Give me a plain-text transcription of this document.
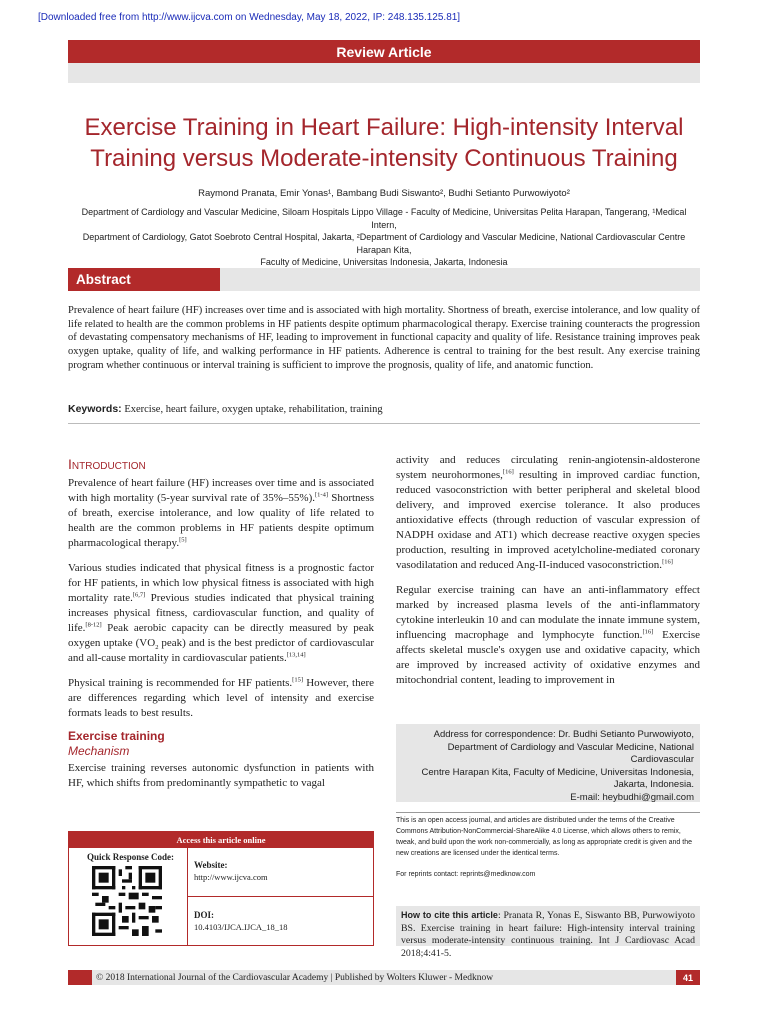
[Downloaded free from http://www.ijcva.com on Wednesday, May 18, 2022, IP: 248.135.125.81]
Review Article
Exercise Training in Heart Failure: High-intensity Interval
Training versus Moderate-intensity Continuous Training
Raymond Pranata, Emir Yonas¹, Bambang Budi Siswanto², Budhi Setianto Purwowiyoto²
Department of Cardiology and Vascular Medicine, Siloam Hospitals Lippo Village - Faculty of Medicine, Universitas Pelita Harapan, Tangerang, ¹Medical Intern,
Department of Cardiology, Gatot Soebroto Central Hospital, Jakarta, ²Department of Cardiology and Vascular Medicine, National Cardiovascular Centre Harapan Kita,
Faculty of Medicine, Universitas Indonesia, Jakarta, Indonesia
Abstract
Prevalence of heart failure (HF) increases over time and is associated with high mortality. Shortness of breath, exercise intolerance, and low quality of life related to health are the common problems in HF patients despite optimum pharmacological therapy. Exercise training counteracts the progression of devastating compensatory mechanisms of HF, leading to improvement in functional capacity and quality of life. Resistance training improves peak oxygen uptake, quality of life, and walking performance in HF patients. Adherence is central to training for the best result. Any exercise training program whether continuous or interval training is sufficient to improve the prognosis, quality of life, and anatomic function.
Keywords: Exercise, heart failure, oxygen uptake, rehabilitation, training
Introduction

Prevalence of heart failure (HF) increases over time and is associated with high mortality (5-year survival rate of 35%–55%).[1-4] Shortness of breath, exercise intolerance, and low quality of life related to health are the common problems in HF patients despite optimum pharmacological therapy.[5]

Various studies indicated that physical fitness is a prognostic factor for HF patients, in which low physical fitness is associated with high mortality rate.[6,7] Previous studies indicated that physical training increases physical fitness, cardiovascular function, and quality of life.[8-12] Peak aerobic capacity can be directly measured by peak oxygen uptake ($VO_2$ peak) and is the best predictor of cardiovascular and all-cause mortality in cardiovascular patients.[13,14]

Physical training is recommended for HF patients.[15] However, there are differences regarding which level of intensity and exercise formats leads to best results.

Exercise training
Mechanism

Exercise training reverses autonomic dysfunction in patients with HF, which shifts from predominantly sympathetic to vagal

activity and reduces circulating renin-angiotensin-aldosterone system neurohormones,[16] resulting in improved cardiac function, reduced vasoconstriction with better peripheral and skeletal blood delivery, and improved exercise tolerance. It also produces antioxidative effects (through reduction of vascular expression of NADPH oxidase and AT1) which decrease reactive oxygen species production, resulting in improved acetylcholine-mediated coronary vasodilatation and reduced Ang-II-induced vasoconstriction.[16]

Regular exercise training can have an anti-inflammatory effect marked by increased plasma levels of the anti-inflammatory cytokine interleukin 10 and can modulate the innate immune system, influencing macrophage and lymphocyte function.[16] Exercise affects skeletal muscle's oxygen use and oxidative capacity, which are improved by increased activity of oxidative enzymes and mitochondrial content, leading to improvement in

Address for correspondence: Dr. Budhi Setianto Purwowiyoto,
Department of Cardiology and Vascular Medicine, National Cardiovascular
Centre Harapan Kita, Faculty of Medicine, Universitas Indonesia,
Jakarta, Indonesia.
E-mail: heybudhi@gmail.com
This is an open access journal, and articles are distributed under the terms of the Creative Commons Attribution-NonCommercial-ShareAlike 4.0 License, which allows others to remix, tweak, and build upon the work non-commercially, as long as appropriate credit is given and the new creations are licensed under the identical terms.
For reprints contact: reprints@medknow.com
How to cite this article: Pranata R, Yonas E, Siswanto BB, Purwowiyoto BS. Exercise training in heart failure: High-intensity interval training versus moderate-intensity continuous training. Int J Cardiovasc Acad 2018;4:41-5.
Access this article online
Quick Response Code:
Website:
http://www.ijcva.com
DOI:
10.4103/IJCA.IJCA_18_18
© 2018 International Journal of the Cardiovascular Academy | Published by Wolters Kluwer - Medknow	41
